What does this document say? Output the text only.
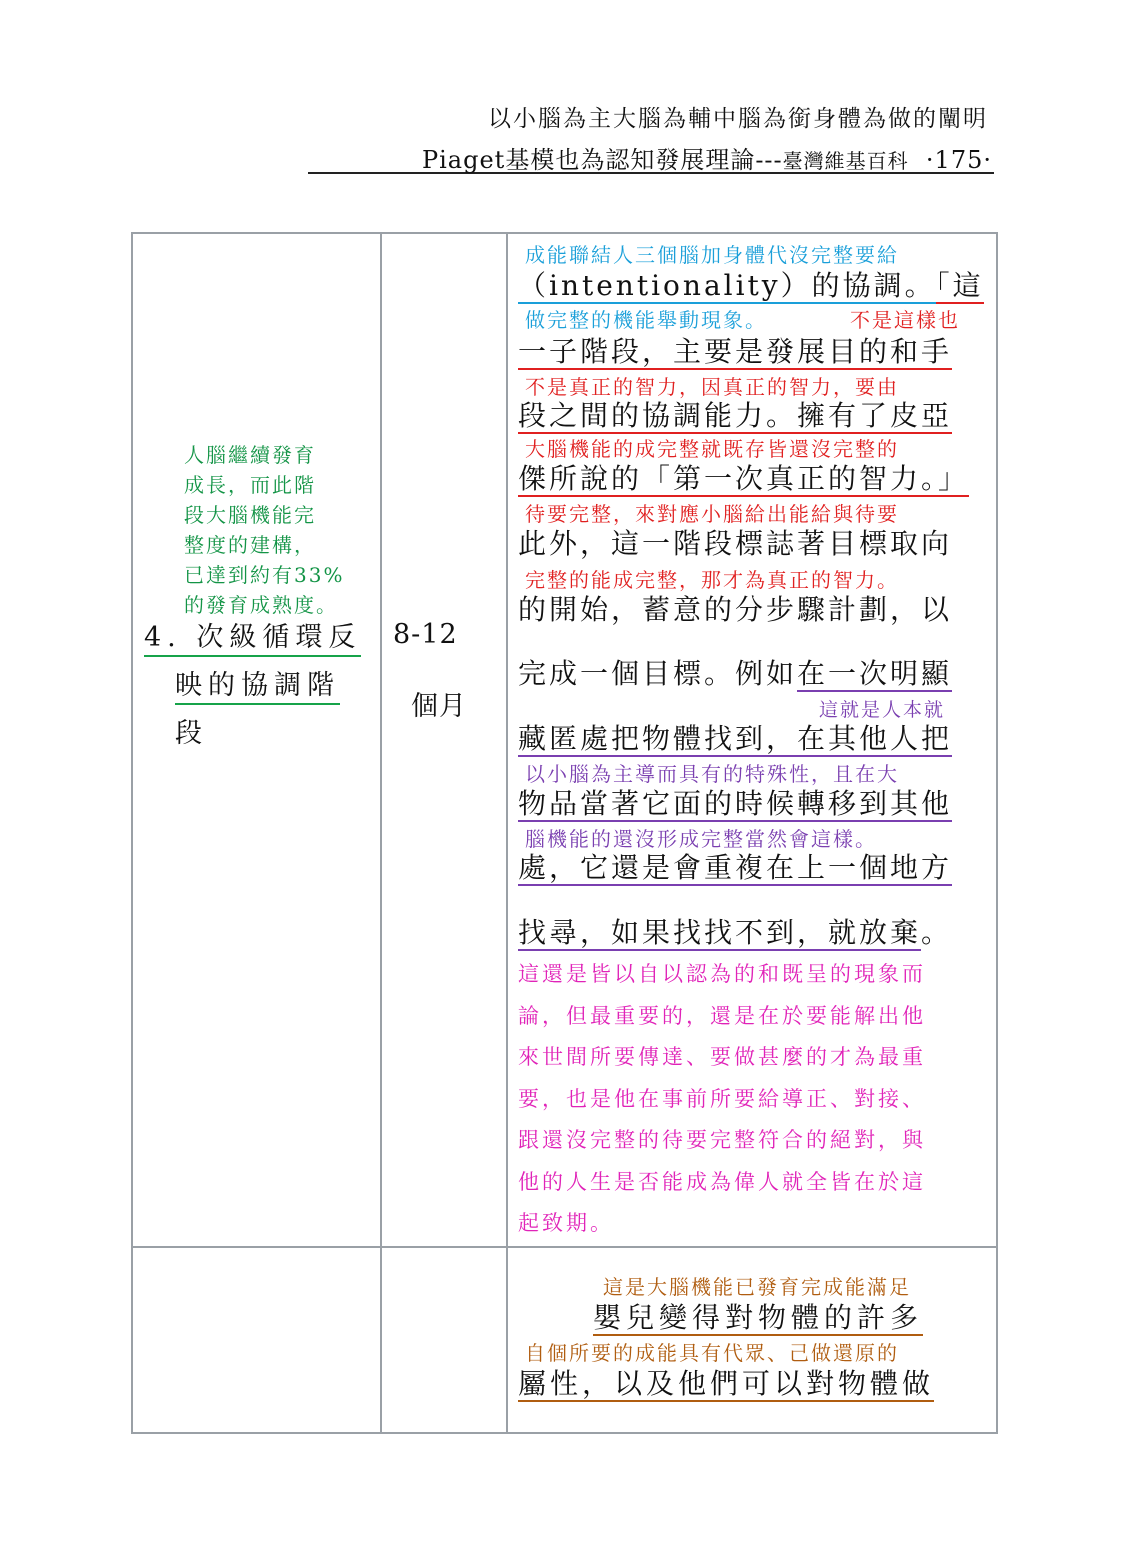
以小腦為主大腦為輔中腦為銜身體為做的闡明
Piaget基模也為認知發展理論---臺灣維基百科 ·175·
人腦繼續發育
成長，而此階
段大腦機能完
整度的建構，
已達到約有33%
的發育成熟度。
4. 次級循環反
映的協調階
段
8-12
個月
成能聯結人三個腦加身體代沒完整要給
（intentionality）的協調。「這
做完整的機能舉動現象。	不是這樣也
一子階段，主要是發展目的和手
不是真正的智力，因真正的智力，要由
段之間的協調能力。擁有了皮亞
大腦機能的成完整就既存皆還沒完整的
傑所說的「第一次真正的智力。」
待要完整，來對應小腦給出能給與待要
此外，這一階段標誌著目標取向
完整的能成完整，那才為真正的智力。
的開始，蓄意的分步驟計劃，以
完成一個目標。例如在一次明顯
這就是人本就
藏匿處把物體找到，在其他人把
以小腦為主導而具有的特殊性，且在大
物品當著它面的時候轉移到其他
腦機能的還沒形成完整當然會這樣。
處，它還是會重複在上一個地方
找尋，如果找找不到，就放棄。
這還是皆以自以認為的和既呈的現象而
論，但最重要的，還是在於要能解出他
來世間所要傳達、要做甚麼的才為最重
要，也是他在事前所要給導正、對接、
跟還沒完整的待要完整符合的絕對，與
他的人生是否能成為偉人就全皆在於這
起致期。
這是大腦機能已發育完成能滿足
嬰兒變得對物體的許多
自個所要的成能具有代眾、己做還原的
屬性，以及他們可以對物體做
